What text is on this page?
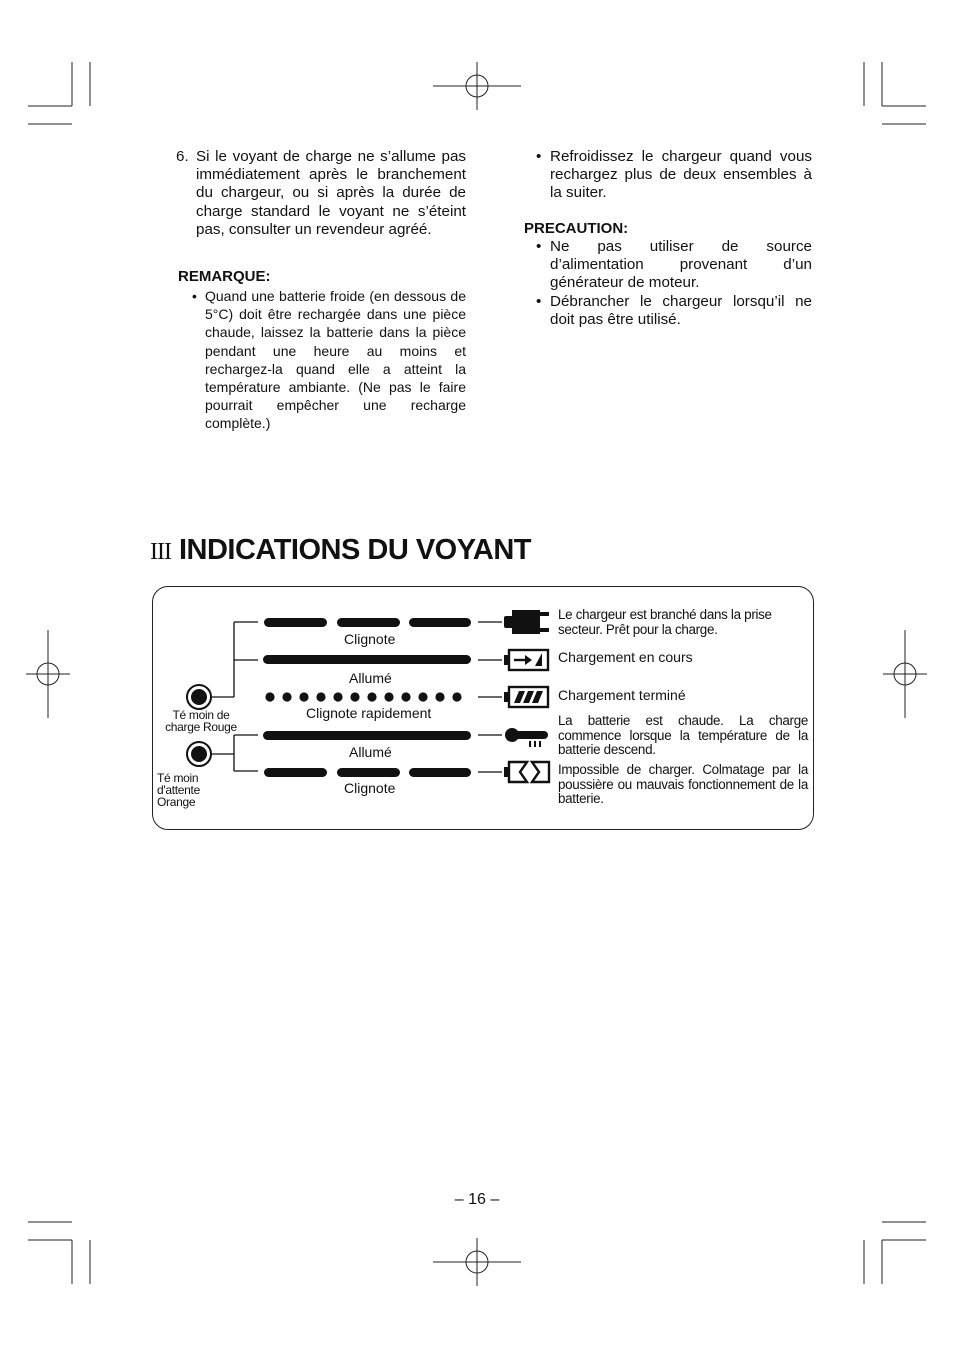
6. Si le voyant de charge ne s’allume pas immédiatement après le branchement du chargeur, ou si après la durée de charge standard le voyant ne s’éteint pas, consulter un revendeur agréé.
REMARQUE:
• Quand une batterie froide (en dessous de 5°C) doit être rechargée dans une pièce chaude, laissez la batterie dans la pièce pendant une heure au moins et rechargez-la quand elle a atteint la température ambiante. (Ne pas le faire pourrait empêcher une recharge complète.)
• Refroidissez le chargeur quand vous rechargez plus de deux ensembles à la suiter.
PRECAUTION:
• Ne pas utiliser de source d’alimentation provenant d’un générateur de moteur.
• Débrancher le chargeur lorsqu’il ne doit pas être utilisé.
III INDICATIONS DU VOYANT
Clignote
Allumé
Clignote rapidement
Allumé
Clignote
Té moin de charge Rouge
Té moin d'attente Orange
Le chargeur est branché dans la prise secteur. Prêt pour la charge.
Chargement en cours
Chargement terminé
La batterie est chaude. La charge commence lorsque la température de la batterie descend.
Impossible de charger. Colmatage par la poussière ou mauvais fonctionnement de la batterie.
– 16 –
